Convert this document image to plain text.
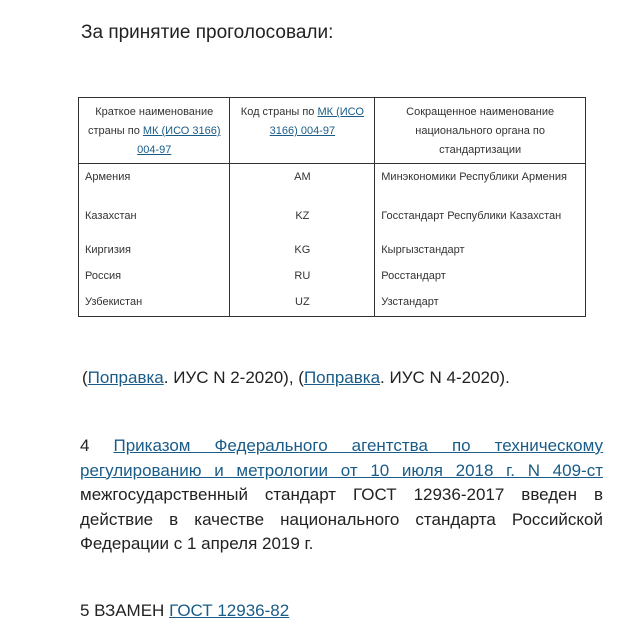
За принятие проголосовали:
Краткое наименование страны по МК (ИСО 3166) 004-97	Код страны по МК (ИСО 3166) 004-97	Сокращенное наименование национального органа по стандартизации
Армения	AM	Минэкономики Республики Армения
Казахстан	KZ	Госстандарт Республики Казахстан
Киргизия	KG	Кыргызстандарт
Россия	RU	Росстандарт
Узбекистан	UZ	Узстандарт
(Поправка. ИУС N 2-2020), (Поправка. ИУС N 4-2020).
4 Приказом Федерального агентства по техническому регулированию и метрологии от 10 июля 2018 г. N 409-ст межгосударственный стандарт ГОСТ 12936-2017 введен в действие в качестве национального стандарта Российской Федерации с 1 апреля 2019 г.
5 ВЗАМЕН ГОСТ 12936-82
